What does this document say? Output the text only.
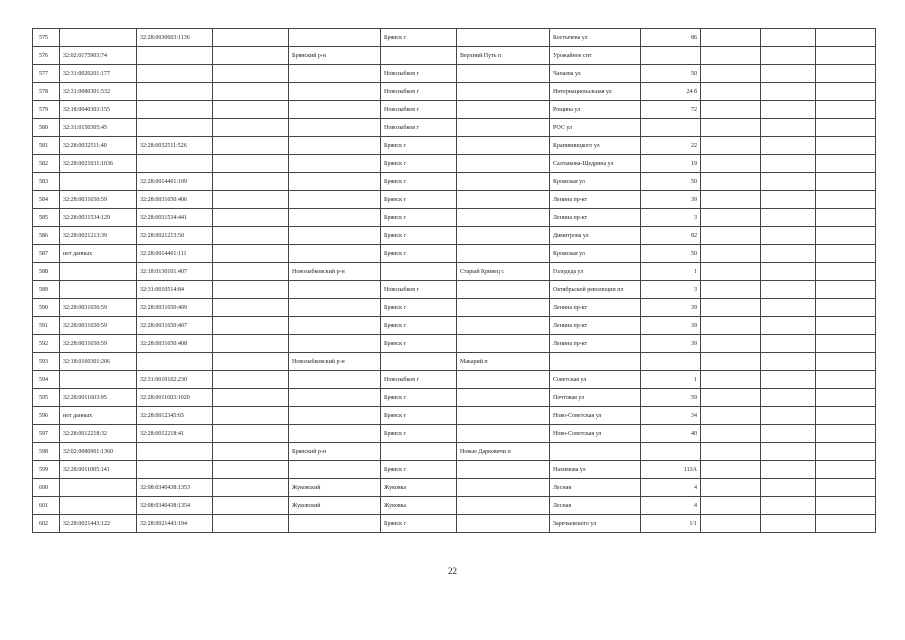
575		32:28:0030603:1136			Брянск г		Костычева ул	86			
576	32:02:0175903:74			Брянский р-н		Верхний Путь п	Урожайное снт				
577	32:31:0020201:177				Новозыбков г		Чапаева ул	50			
578	32:31:0080301:532				Новозыбков г		Интернациональная ул	24 б			
579	32:18:0040303:155				Новозыбков г		Рощина ул	72			
580	32:31:0150305:45				Новозыбков г		РОС ул				
581	32:28:0032511:40	32:28:0032511:526			Брянск г		Крапивницкого ул	22			
582	32:28:0021031:1036				Брянск г		Салтыкова-Щедрина ул	19			
583		32:28:0014401:109			Брянск г		Кромская ул	50			
584	32:28:0031650:59	32:28:0031650:406			Брянск г		Ленина пр-кт	39			
585	32:28:0031534:129	32:28:0031534:441			Брянск г		Ленина пр-кт	3			
586	32:28:0021213:39	32:28:0021213:50			Брянск г		Димитрова ул	82			
587	нет данных	32:28:0014401:111			Брянск г		Кромская ул	50			
588		32:18:0130101:407		Новозыбковский р-н		Старый Кривец с	Голодеда ул	1			
589		32:31:0010514:84			Новозыбков г		Октябрьской революции пл	3			
590	32:28:0031650:59	32:28:0031650:409			Брянск г		Ленина пр-кт	39			
591	32:28:0031650:59	32:28:0031650:407			Брянск г		Ленина пр-кт	39			
592	32:28:0031650:59	32:28:0031650:408			Брянск г		Ленина пр-кт	39			
593	32:18:0160301:206			Новозыбковский р-н		Макарий п					
594		32:31:0010102:230			Новозыбков г		Советская ул	1			
595	32:28:0011603:95	32:28:0011603:1020			Брянск г		Почтовая ул	59			
596	нет данных	32:28:0012345:65			Брянск г		Ново-Советская ул	34			
597	32:28:0012218:32	32:28:0012218:41			Брянск г		Ново-Советская ул	40			
598	32:02:0080901:1360			Брянский р-н		Новые Дарковичи п					
599	32:28:0011005:141				Брянск г		Нахимова ул	113А			
600		32:08:0340438:1353		Жуковский	Жуковка		Лесная	4			
601		32:08:0340438:1354		Жуковский	Жуковка		Лесная	4			
602	32:28:0021443:122	32:28:0021443:194			Брянск г		Заречьевского ул	1/1			
22
